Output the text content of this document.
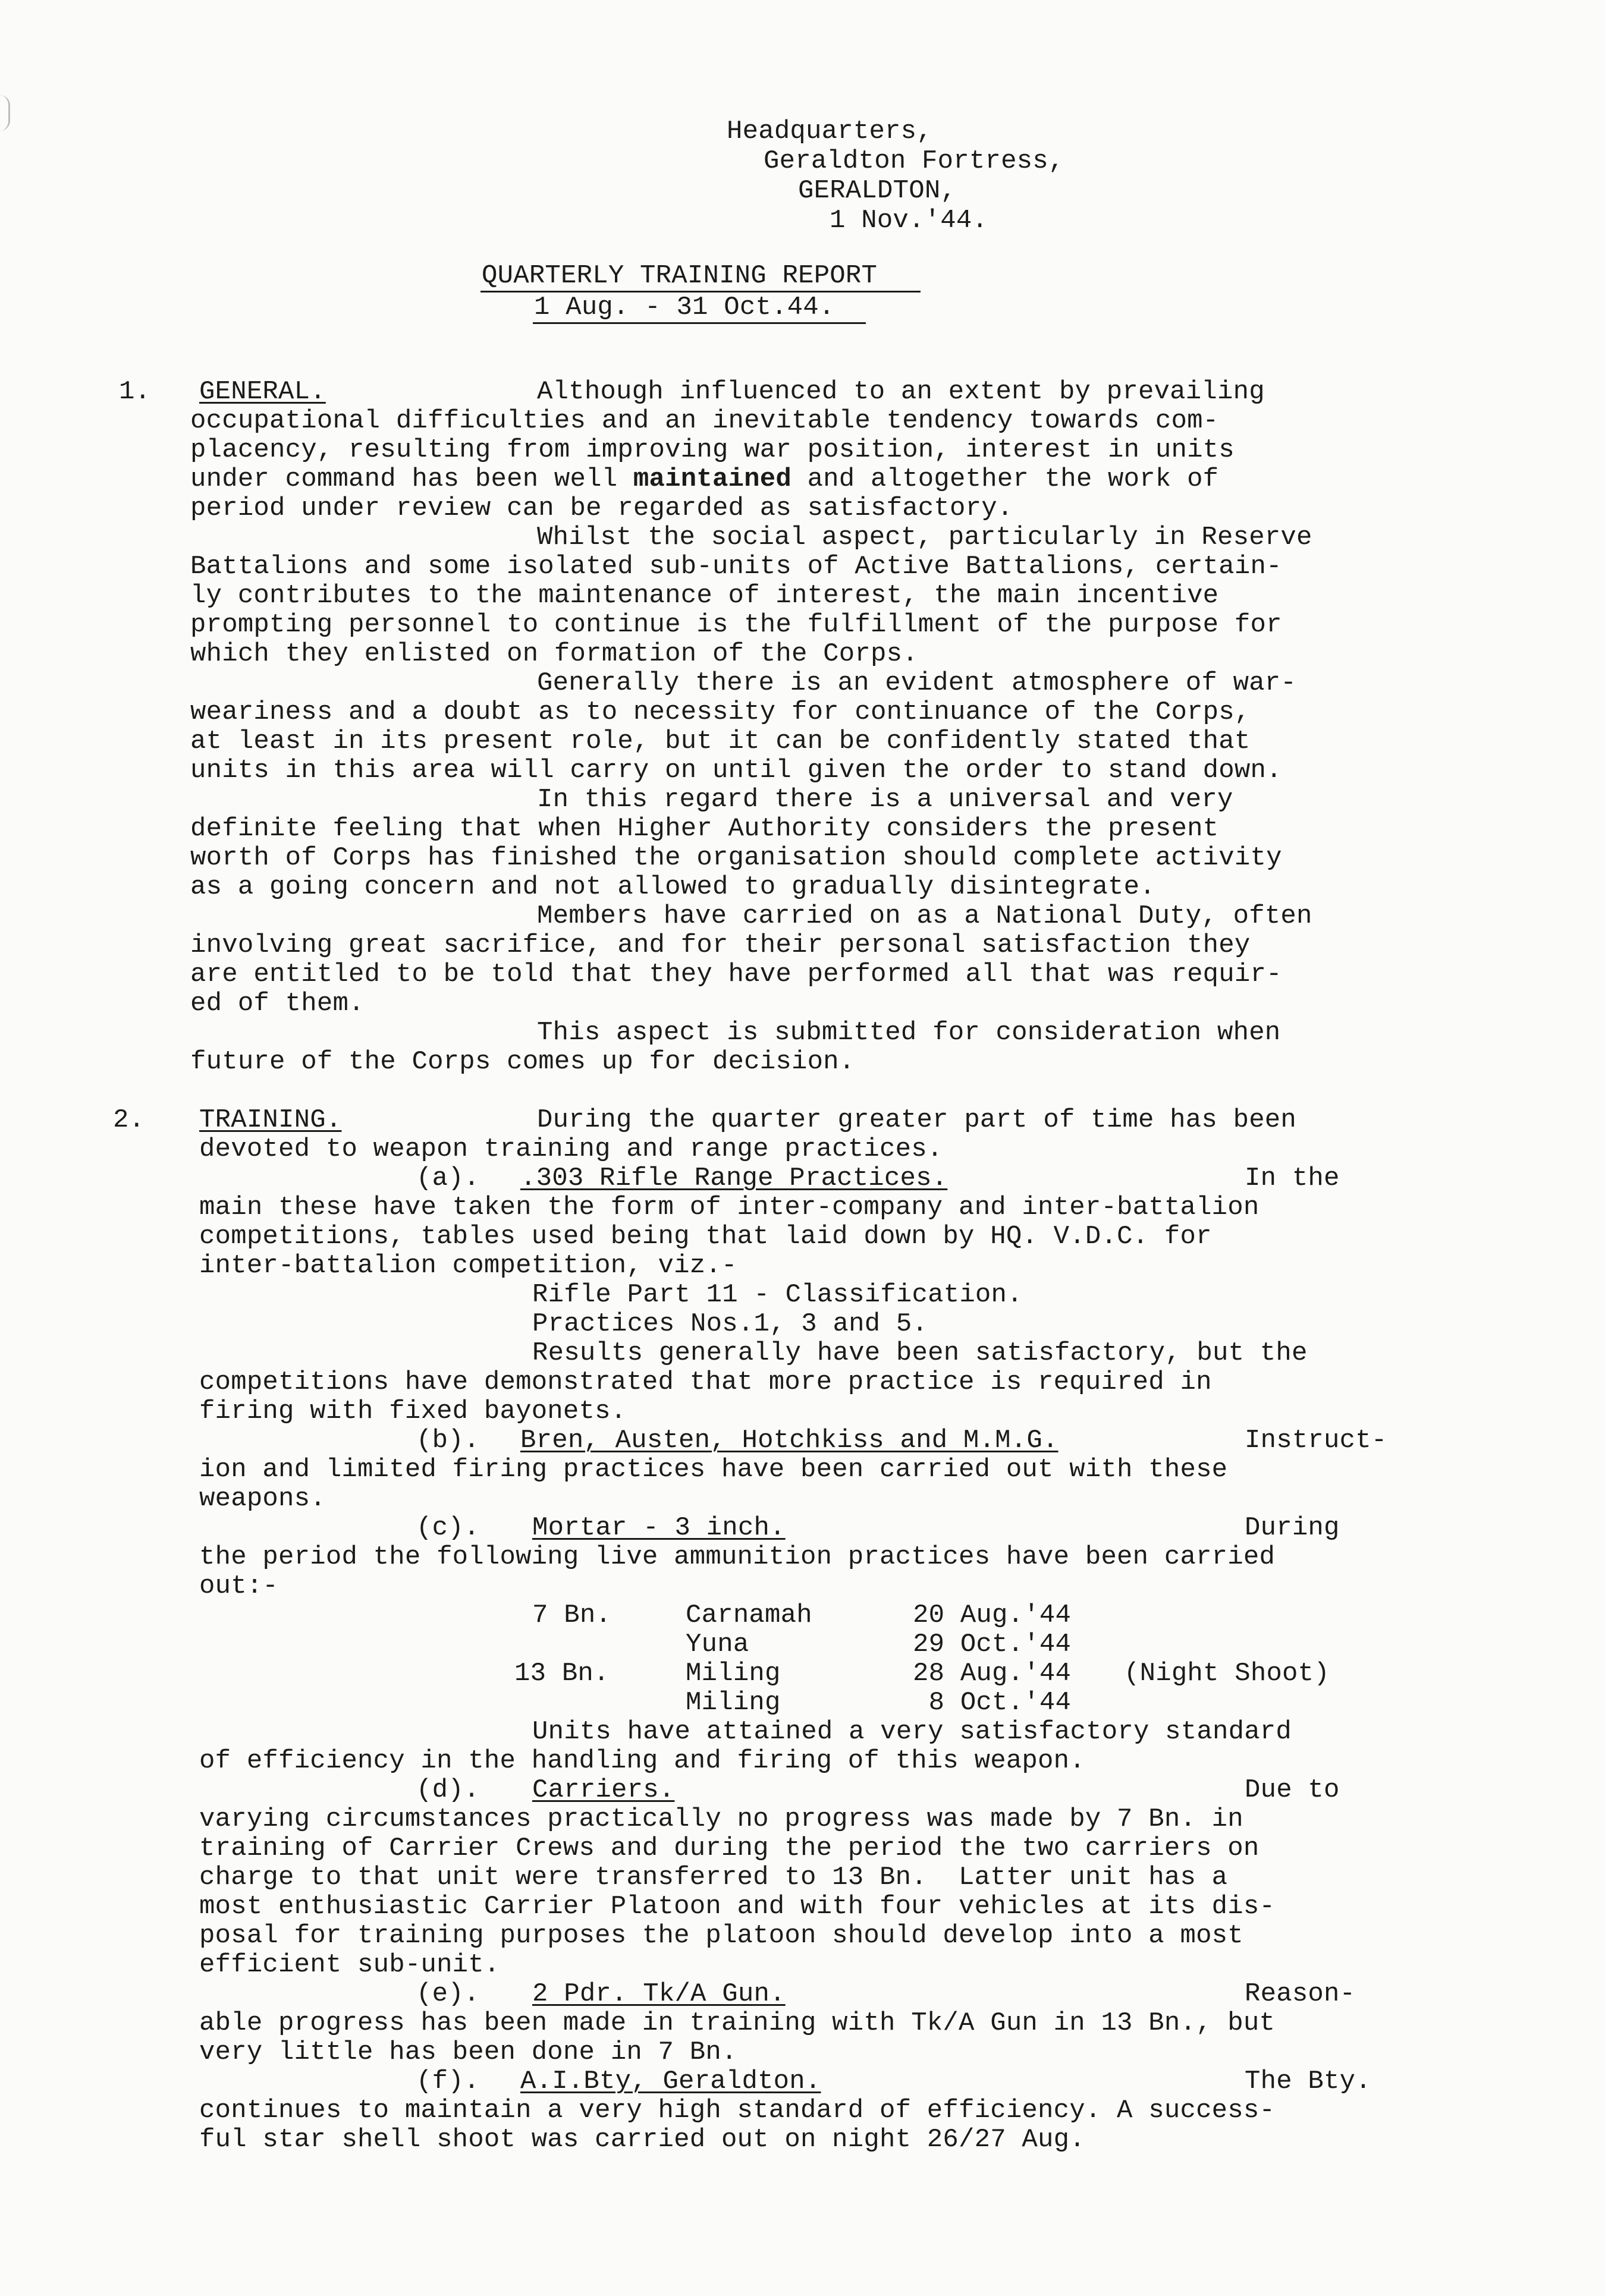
Headquarters,
Geraldton Fortress,
GERALDTON,
1 Nov.'44.
QUARTERLY TRAINING REPORT
1 Aug. - 31 Oct.44.
1. GENERAL.	Although influenced to an extent by prevailing
occupational difficulties and an inevitable tendency towards com-
placency, resulting from improving war position, interest in units
under command has been well maintained and altogether the work of
period under review can be regarded as satisfactory.
Whilst the social aspect, particularly in Reserve
Battalions and some isolated sub-units of Active Battalions, certain-
ly contributes to the maintenance of interest, the main incentive
prompting personnel to continue is the fulfillment of the purpose for
which they enlisted on formation of the Corps.
Generally there is an evident atmosphere of war-
weariness and a doubt as to necessity for continuance of the Corps,
at least in its present role, but it can be confidently stated that
units in this area will carry on until given the order to stand down.
In this regard there is a universal and very
definite feeling that when Higher Authority considers the present
worth of Corps has finished the organisation should complete activity
as a going concern and not allowed to gradually disintegrate.
Members have carried on as a National Duty, often
involving great sacrifice, and for their personal satisfaction they
are entitled to be told that they have performed all that was requir-
ed of them.
This aspect is submitted for consideration when
future of the Corps comes up for decision.
2. TRAINING.	During the quarter greater part of time has been
devoted to weapon training and range practices.
(a). .303 Rifle Range Practices.	In the
main these have taken the form of inter-company and inter-battalion
competitions, tables used being that laid down by HQ. V.D.C. for
inter-battalion competition, viz.-
Rifle Part 11 - Classification.
Practices Nos.1, 3 and 5.
Results generally have been satisfactory, but the
competitions have demonstrated that more practice is required in
firing with fixed bayonets.
(b). Bren, Austen, Hotchkiss and M.M.G.	Instruct-
ion and limited firing practices have been carried out with these
weapons.
(c). Mortar - 3 inch.	During
the period the following live ammunition practices have been carried
out:-
7 Bn.	Carnamah	20 Aug.'44
Yuna	29 Oct.'44
13 Bn.	Miling	28 Aug.'44 (Night Shoot)
Miling	8 Oct.'44
Units have attained a very satisfactory standard
of efficiency in the handling and firing of this weapon.
(d). Carriers.	Due to
varying circumstances practically no progress was made by 7 Bn. in
training of Carrier Crews and during the period the two carriers on
charge to that unit were transferred to 13 Bn.  Latter unit has a
most enthusiastic Carrier Platoon and with four vehicles at its dis-
posal for training purposes the platoon should develop into a most
efficient sub-unit.
(e). 2 Pdr. Tk/A Gun.	Reason-
able progress has been made in training with Tk/A Gun in 13 Bn., but
very little has been done in 7 Bn.
(f). A.I.Bty, Geraldton.	The Bty.
continues to maintain a very high standard of efficiency. A success-
ful star shell shoot was carried out on night 26/27 Aug.
